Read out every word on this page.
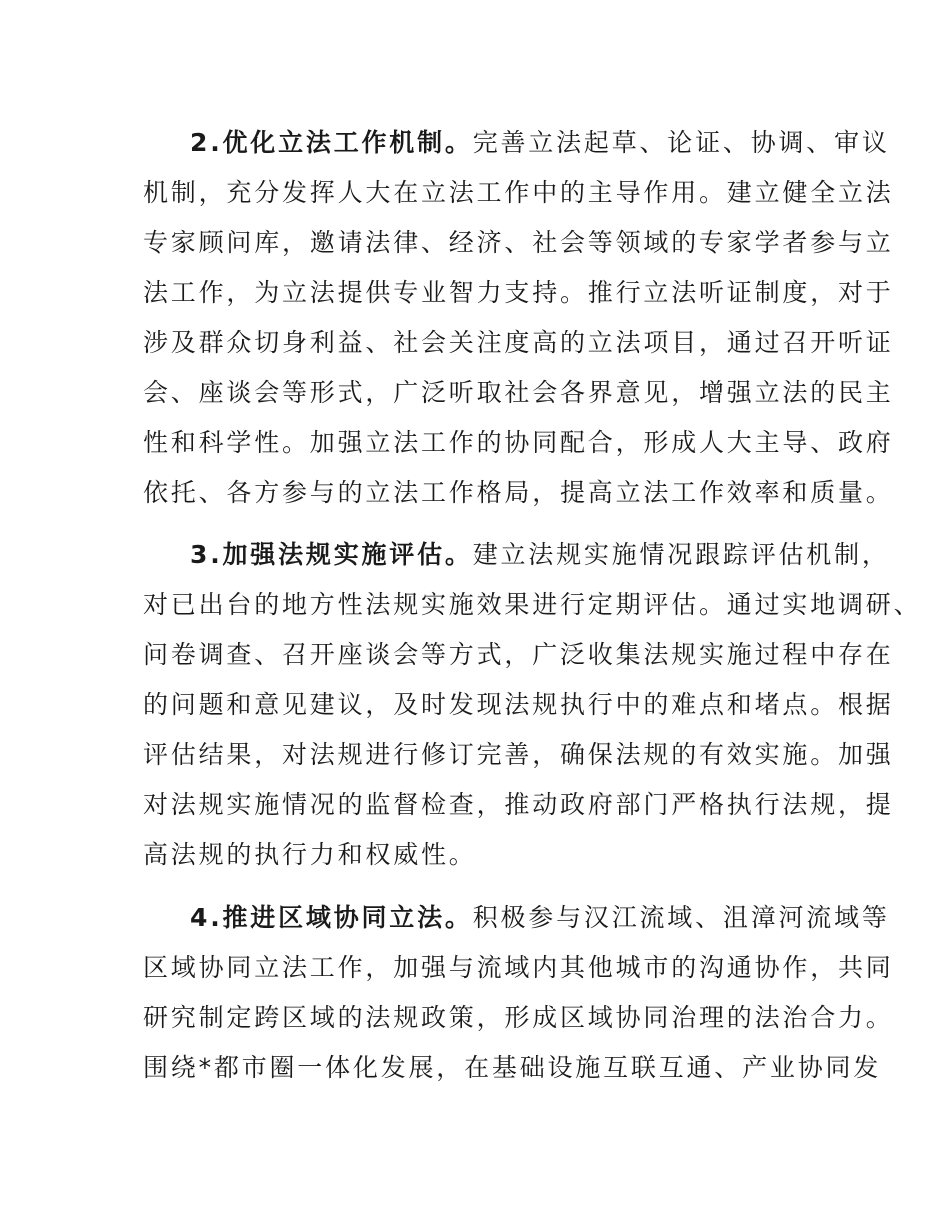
2.优化立法工作机制。完善立法起草、论证、协调、审议
机制，充分发挥人大在立法工作中的主导作用。建立健全立法
专家顾问库，邀请法律、经济、社会等领域的专家学者参与立
法工作，为立法提供专业智力支持。推行立法听证制度，对于
涉及群众切身利益、社会关注度高的立法项目，通过召开听证
会、座谈会等形式，广泛听取社会各界意见，增强立法的民主
性和科学性。加强立法工作的协同配合，形成人大主导、政府
依托、各方参与的立法工作格局，提高立法工作效率和质量。
3.加强法规实施评估。建立法规实施情况跟踪评估机制，
对已出台的地方性法规实施效果进行定期评估。通过实地调研、
问卷调查、召开座谈会等方式，广泛收集法规实施过程中存在
的问题和意见建议，及时发现法规执行中的难点和堵点。根据
评估结果，对法规进行修订完善，确保法规的有效实施。加强
对法规实施情况的监督检查，推动政府部门严格执行法规，提
高法规的执行力和权威性。
4.推进区域协同立法。积极参与汉江流域、沮漳河流域等
区域协同立法工作，加强与流域内其他城市的沟通协作，共同
研究制定跨区域的法规政策，形成区域协同治理的法治合力。
围绕*都市圈一体化发展，在基础设施互联互通、产业协同发
